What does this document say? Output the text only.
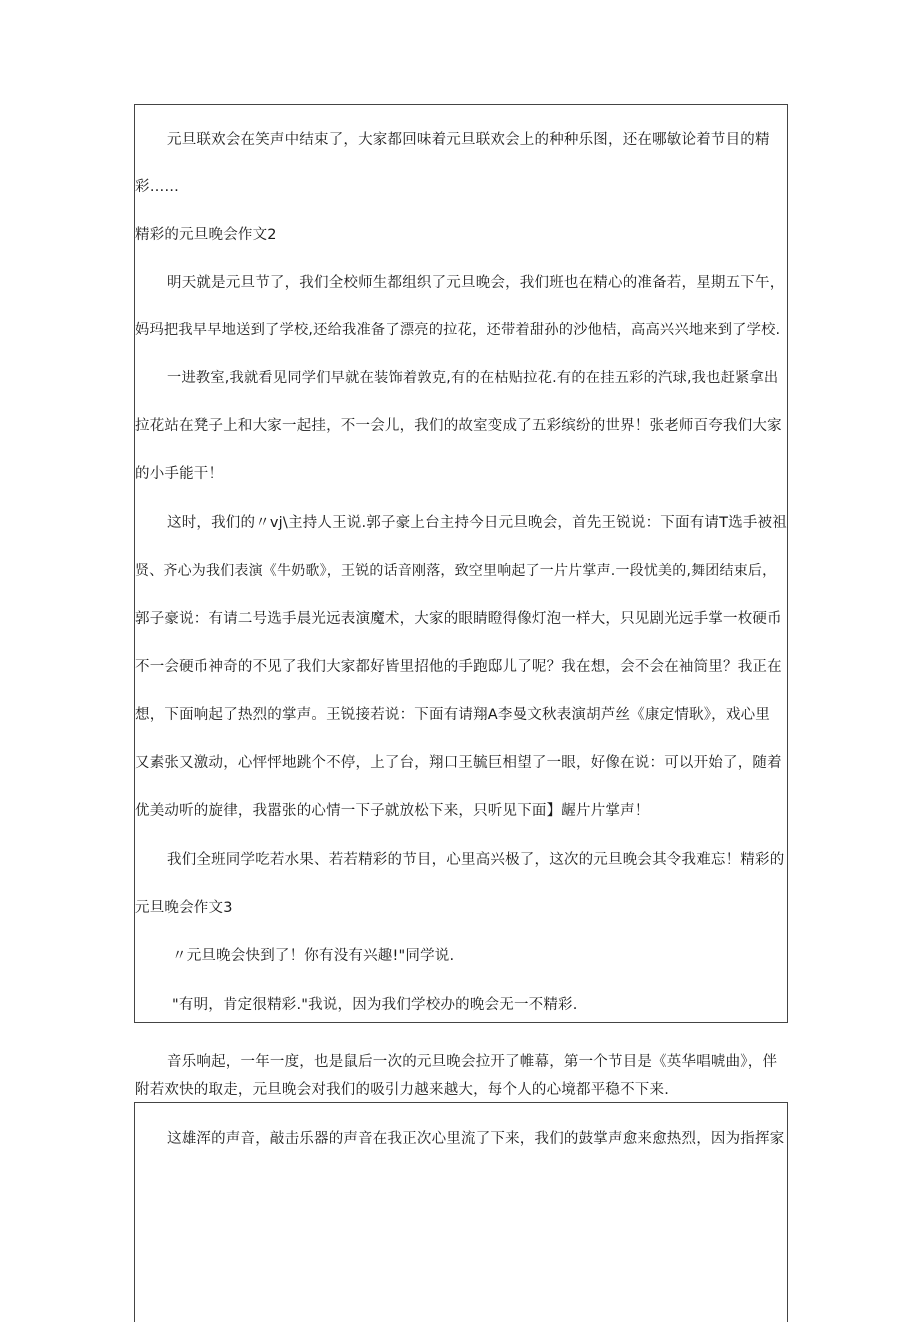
元旦联欢会在笑声中结束了，大家都回味着元旦联欢会上的种种乐图，还在哪敏论着节目的精
彩……
精彩的元旦晚会作文2
明天就是元旦节了，我们全校师生都组织了元旦晚会，我们班也在精心的准备若，星期五下午，
妈玛把我早早地送到了学校,还给我准备了漂亮的拉花，还带着甜孙的沙他桔，高高兴兴地来到了学校.
一进教室,我就看见同学们早就在装饰着敦克,有的在枯贴拉花.有的在挂五彩的汽球,我也赶紧拿出
拉花站在凳子上和大家一起挂，不一会儿，我们的故室变成了五彩缤纷的世界！张老师百夸我们大家
的小手能干！
这时，我们的〃vj\主持人王说.郭子豪上台主持今日元旦晚会，首先王锐说：下面有请T选手被祖
贤、齐心为我们表演《牛奶歌》，王锐的话音刚落，致空里响起了一片片掌声.一段忧美的,舞团结束后，
郭子豪说：有请二号选手晨光远表演魔术，大家的眼睛瞪得像灯泡一样大，只见剧光远手掌一枚硬币
不一会硬币神奇的不见了我们大家都好皆里招他的手跑邸儿了呢？我在想，会不会在袖筒里？我正在
想，下面响起了热烈的掌声。王锐接若说：下面有请翔A李曼文秋表演胡芦丝《康定情耿》，戏心里
又素张又激动，心怦怦地跳个不停，上了台，翔口王毓巨相望了一眼，好像在说：可以开始了，随着
优美动听的旋律，我嚣张的心情一下子就放松下来，只听见下面】龌片片掌声！
我们全班同学吃若水果、若若精彩的节目，心里高兴极了，这次的元旦晚会其令我难忘！精彩的
元旦晚会作文3
〃元旦晚会快到了！你有没有兴趣!"同学说.
"有明，肯定很精彩."我说，因为我们学校办的晚会无一不精彩.
音乐响起，一年一度，也是鼠后一次的元旦晚会拉开了帷幕，第一个节目是《英华唱唬曲》，伴
附若欢快的取走，元旦晚会对我们的吸引力越来越大，每个人的心境都平稳不下来.
这雄浑的声音，敲击乐器的声音在我正次心里流了下来，我们的鼓掌声愈来愈热烈，因为指挥家
